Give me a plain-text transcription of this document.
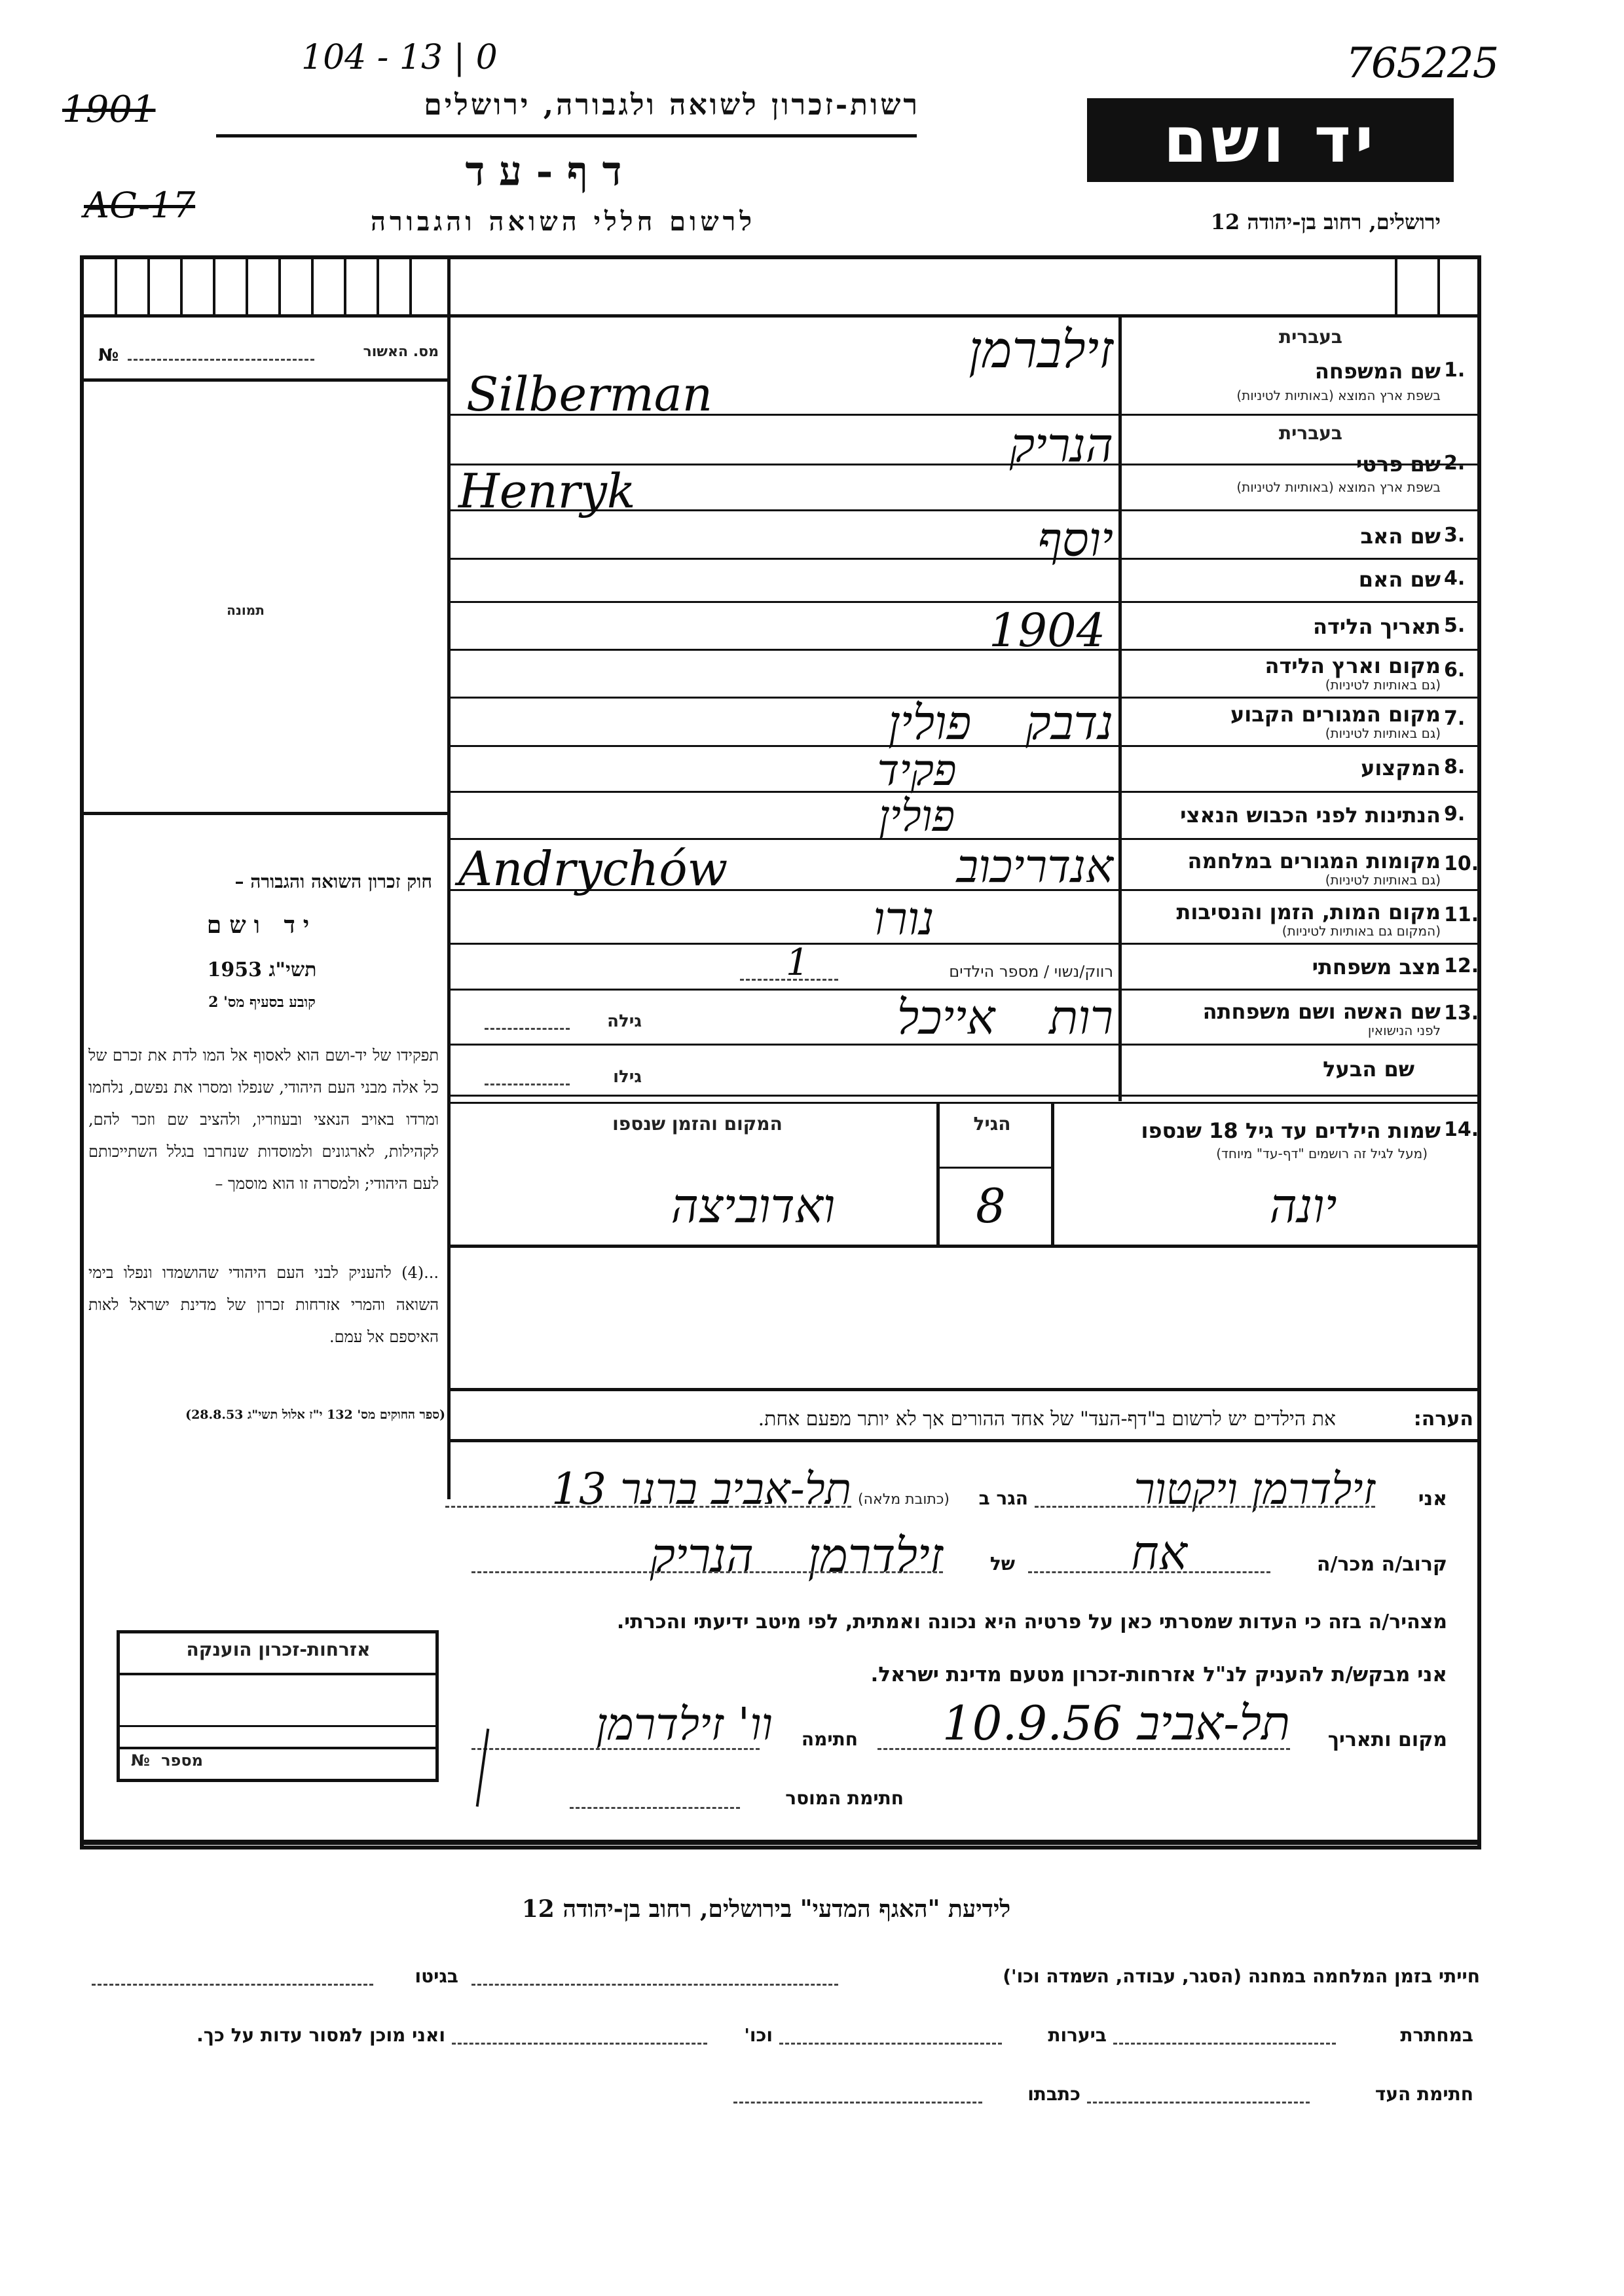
104 - 13 | 0
1901
AG-17
765225
רשות-זכרון לשואה ולגבורה, ירושלים
ד ף - ע ד
לרשום חללי השואה והגבורה	ירושלים, רחוב בן-יהודה 12
יד ושם
№	מס. האשור
תמונה
חוק זכרון השואה והגבורה –
יד ושם
תשי"ג 1953
קובע בסעיף מס' 2
תפקידו של יד-ושם הוא לאסוף אל המו לדת את זכרם של כל אלה מבני העם היהודי, שנפלו ומסרו את נפשם, נלחמו ומרדו באויב הנאצי ובעוזריו, ולהציב שם וזכר להם, לקהילות, לארגונים ולמוסדות שנחרבו בגלל השתייכותם לעם היהודי; ולמסרה זו הוא מוסמך –
...(4) להעניק לבני העם היהודי שהושמדו ונפלו בימי השואה והמרי אזרחות זכרון של מדינת ישראל לאות האיספם אל עמם.
(ספר החוקים מס' 132 י"ז אלול תשי"ג 28.8.53)
בעברית
1.
שם המשפחה
בשפת ארץ המוצא (באותיות לטיניות)
זילברמן
Silberman
בעברית
2.
שם פרטי
בשפת ארץ המוצא (באותיות לטיניות)
הנריק
Henryk
3.
שם האב
יוסף
4.
שם האם
5.
תאריך הלידה
1904
6.
מקום וארץ הלידה
(גם באותיות לטיניות)
7.
מקום המגורים הקבוע
(גם באותיות לטיניות)
נדבק פולין
8.
המקצוע
פקיד
9.
הנתינות לפני הכבוש הנאצי
פולין
10.
מקומות המגורים במלחמה
(גם באותיות לטיניות)
אנדריכוב
Andrychów
11.
מקום המות, הזמן והנסיבות
(המקום גם באותיות לטיניות)
נורו
12.
מצב משפחתי
רווק/נשוי / מספר הילדים
1
13.
שם האשה ושם משפחתה
לפני הנישואין
רות אייכל
גילה
שם הבעל
גילו
14.
שמות הילדים עד גיל 18 שנספו
(מעל לגיל זה רושמים "דף-עד" מיוחד)
הגיל
המקום והזמן שנספו
יונה
8
ואדוביצה
הערה:
את הילדים יש לרשום ב"דף-העד" של אחד ההורים אך לא יותר מפעם אחת.
אני
זילדרמן ויקטור
הגר ב
(כתובת מלאה)
תל-אביב ברנר 13
קרוב/ה מכר/ה
אח
של
זילדרמן הנריק
מצהיר/ה בזה כי העדות שמסרתי כאן על פרטיה היא נכונה ואמתית, לפי מיטב ידיעתי והכרתי.
אני מבקש/ת להעניק לנ"ל אזרחות-זכרון מטעם מדינת ישראל.
מקום ותאריך
תל-אביב 10.9.56
חתימה
וו' זילדרמן
חתימת המוסר
אזרחות-זכרון הוענקה
№ מספר
לידיעת "האגף המדעי" בירושלים, רחוב בן-יהודה 12
חייתי בזמן המלחמה במחנה (הסגר, עבודה, השמדה וכו')
בגיטו
במחתרת
ביערות
וכו'
ואני מוכן למסור עדות על כך.
חתימת העד
כתבתו
